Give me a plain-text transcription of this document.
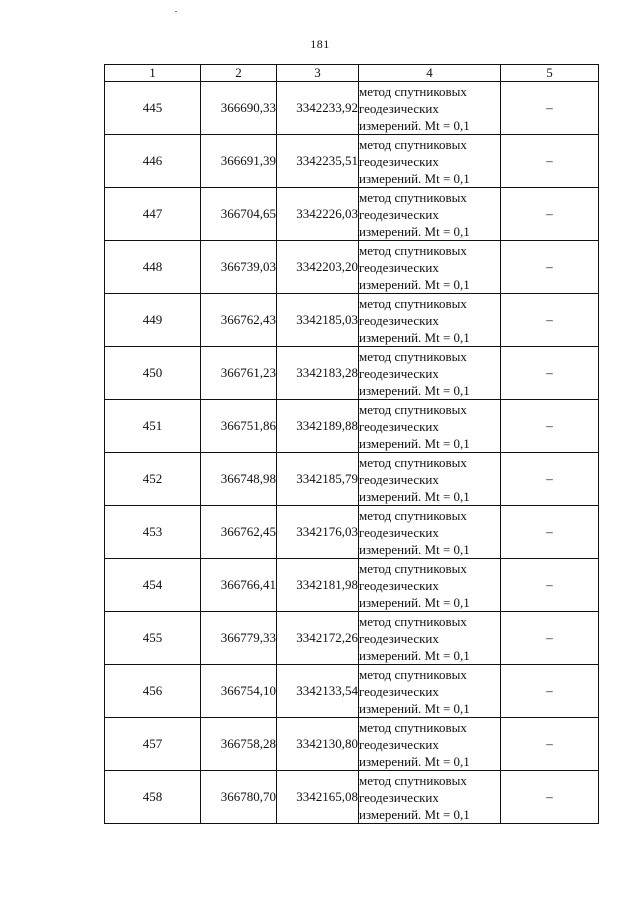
181
1	2	3	4	5
445	366690,33	3342233,92	метод спутниковых
геодезических
измерений. Mt = 0,1	–
446	366691,39	3342235,51	метод спутниковых
геодезических
измерений. Mt = 0,1	–
447	366704,65	3342226,03	метод спутниковых
геодезических
измерений. Mt = 0,1	–
448	366739,03	3342203,20	метод спутниковых
геодезических
измерений. Mt = 0,1	–
449	366762,43	3342185,03	метод спутниковых
геодезических
измерений. Mt = 0,1	–
450	366761,23	3342183,28	метод спутниковых
геодезических
измерений. Mt = 0,1	–
451	366751,86	3342189,88	метод спутниковых
геодезических
измерений. Mt = 0,1	–
452	366748,98	3342185,79	метод спутниковых
геодезических
измерений. Mt = 0,1	–
453	366762,45	3342176,03	метод спутниковых
геодезических
измерений. Mt = 0,1	–
454	366766,41	3342181,98	метод спутниковых
геодезических
измерений. Mt = 0,1	–
455	366779,33	3342172,26	метод спутниковых
геодезических
измерений. Mt = 0,1	–
456	366754,10	3342133,54	метод спутниковых
геодезических
измерений. Mt = 0,1	–
457	366758,28	3342130,80	метод спутниковых
геодезических
измерений. Mt = 0,1	–
458	366780,70	3342165,08	метод спутниковых
геодезических
измерений. Mt = 0,1	–
